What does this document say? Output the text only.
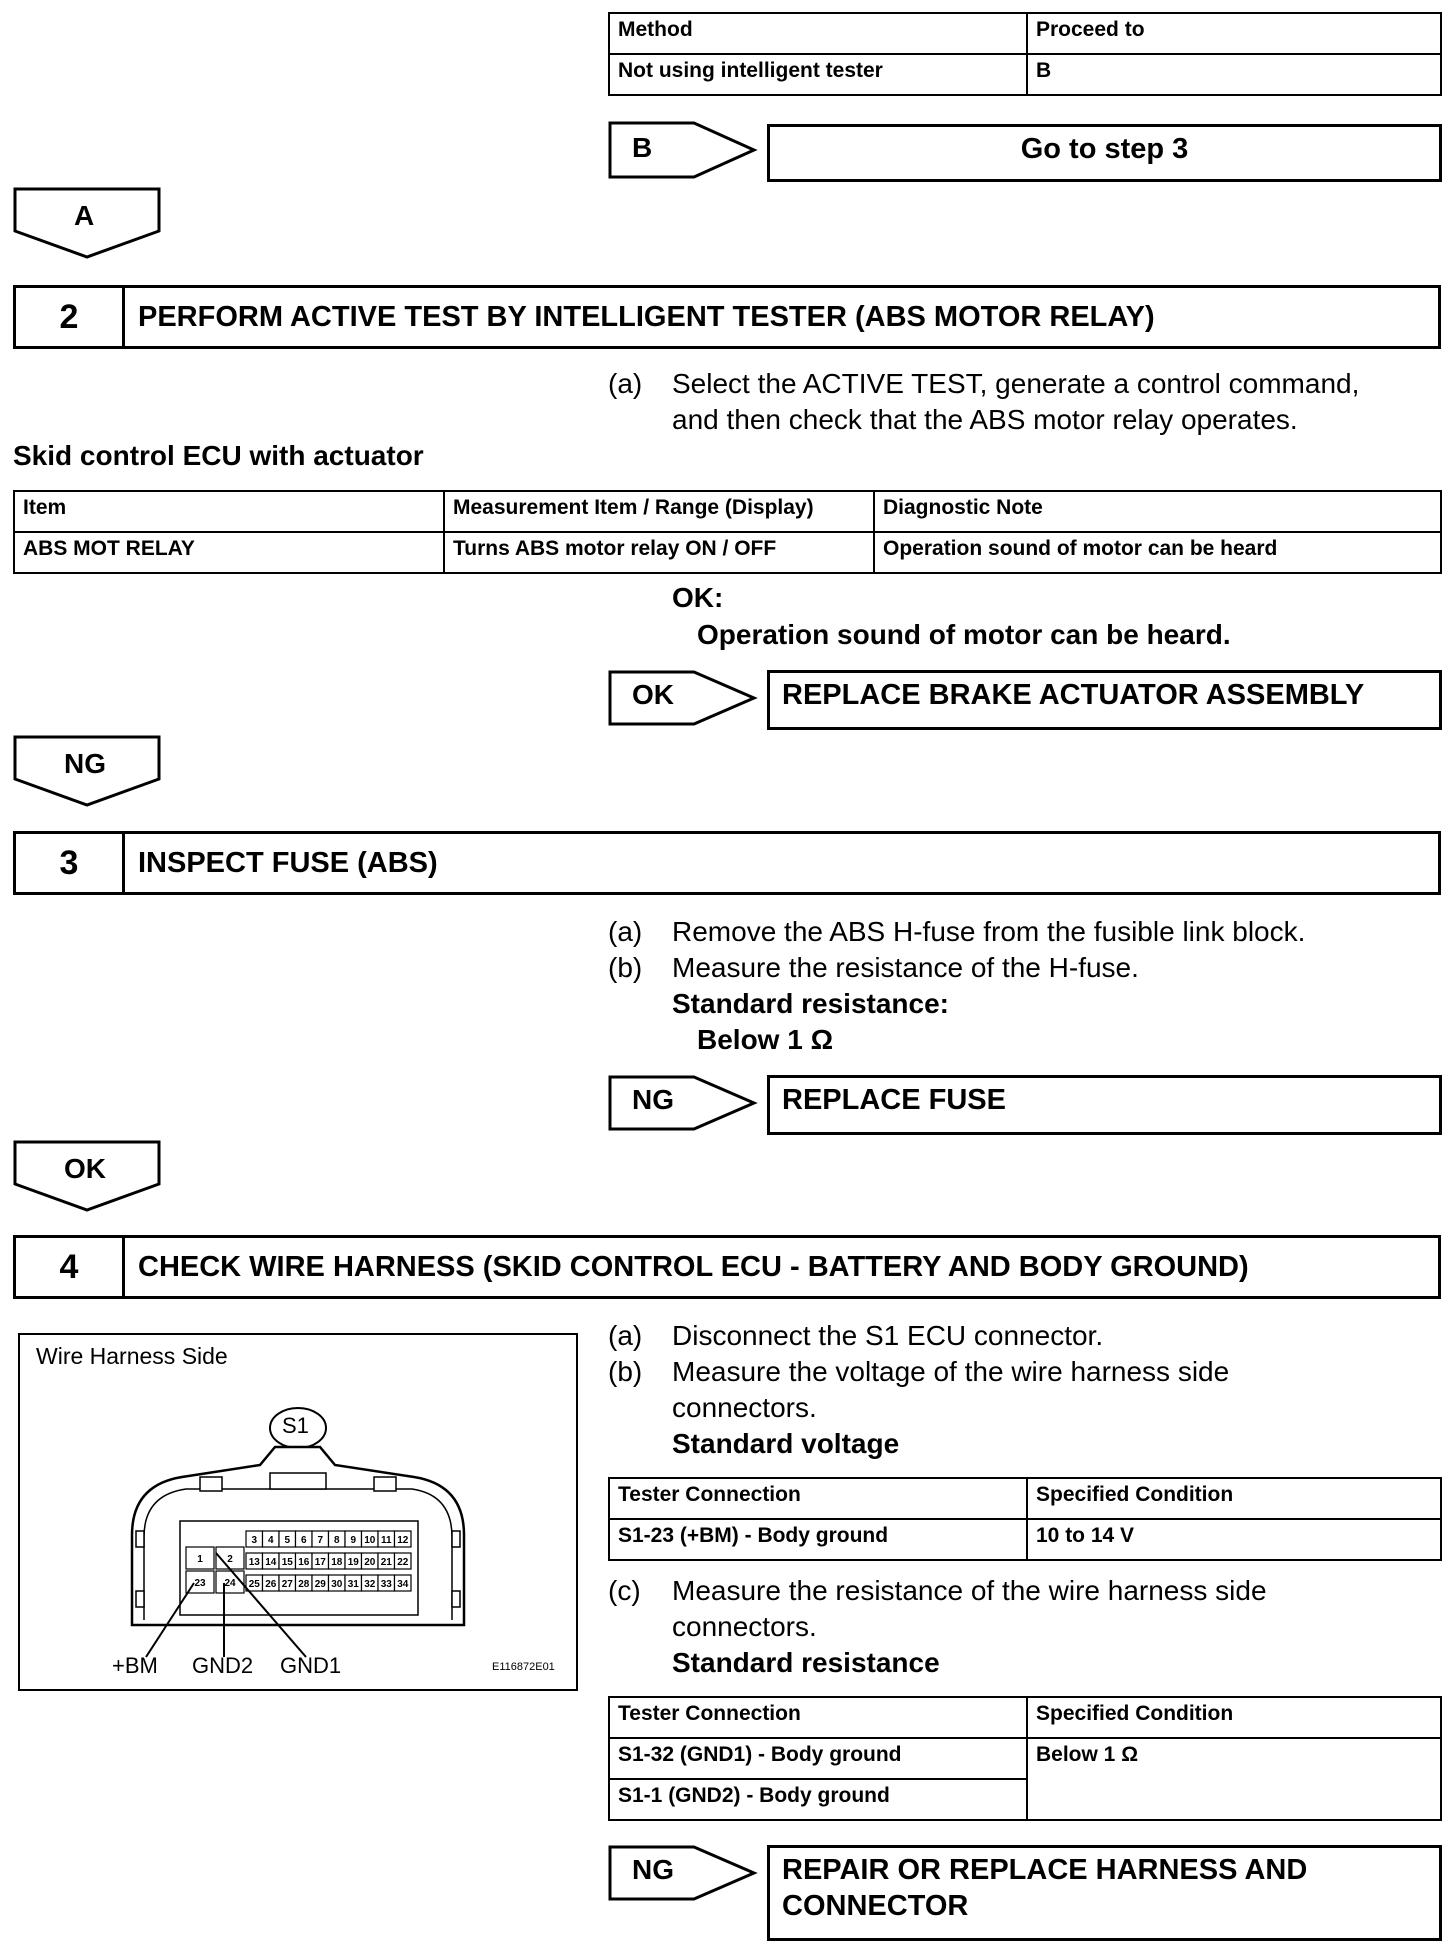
Method	Proceed to
Not using intelligent tester	B
B	Go to step 3
A
2	PERFORM ACTIVE TEST BY INTELLIGENT TESTER (ABS MOTOR RELAY)
(a) Select the ACTIVE TEST, generate a control command,
and then check that the ABS motor relay operates.
Skid control ECU with actuator
Item	Measurement Item / Range (Display)	Diagnostic Note
ABS MOT RELAY	Turns ABS motor relay ON / OFF	Operation sound of motor can be heard
OK:
Operation sound of motor can be heard.
OK	REPLACE BRAKE ACTUATOR ASSEMBLY
NG
3	INSPECT FUSE (ABS)
(a) Remove the ABS H-fuse from the fusible link block.
(b) Measure the resistance of the H-fuse.
Standard resistance:
Below 1 Ω
NG	REPLACE FUSE
OK
4	CHECK WIRE HARNESS (SKID CONTROL ECU - BATTERY AND BODY GROUND)
Wire Harness Side
1 2
23 24
3 4 5 6 7 8 9 10 11 12
13 14 15 16 17 18 19 20 21 22
25 26 27 28 29 30 31 32 33 34
S1
+BM GND2 GND1	E116872E01
(a) Disconnect the S1 ECU connector.
(b) Measure the voltage of the wire harness side
connectors.
Standard voltage
Tester Connection	Specified Condition
S1-23 (+BM) - Body ground	10 to 14 V
(c) Measure the resistance of the wire harness side
connectors.
Standard resistance
Tester Connection	Specified Condition
S1-32 (GND1) - Body ground	Below 1 Ω
S1-1 (GND2) - Body ground	
NG	REPAIR OR REPLACE HARNESS AND
CONNECTOR
